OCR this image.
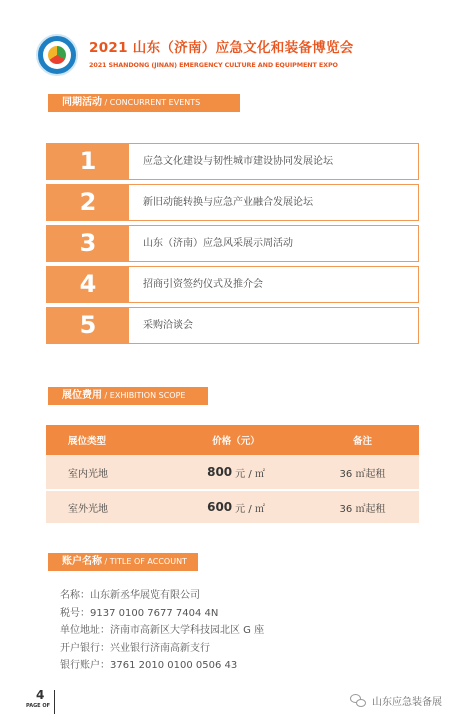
2021 山东（济南）应急文化和装备博览会
2021 SHANDONG (JINAN) EMERGENCY CULTURE AND EQUIPMENT EXPO
同期活动 / CONCURRENT EVENTS
1	应急文化建设与韧性城市建设协同发展论坛
2	新旧动能转换与应急产业融合发展论坛
3	山东（济南）应急风采展示周活动
4	招商引资签约仪式及推介会
5	采购洽谈会
展位费用 / EXHIBITION SCOPE
展位类型	价格（元）	备注
室内光地	800 元 / ㎡	36 ㎡起租
室外光地	600 元 / ㎡	36 ㎡起租
账户名称 / TITLE OF ACCOUNT
名称：山东新丞华展览有限公司
税号：9137 0100 7677 7404 4N
单位地址：济南市高新区大学科技园北区 G 座
开户银行：兴业银行济南高新支行
银行账户：3761 2010 0100 0506 43
4
PAGE OF	山东应急装备展
